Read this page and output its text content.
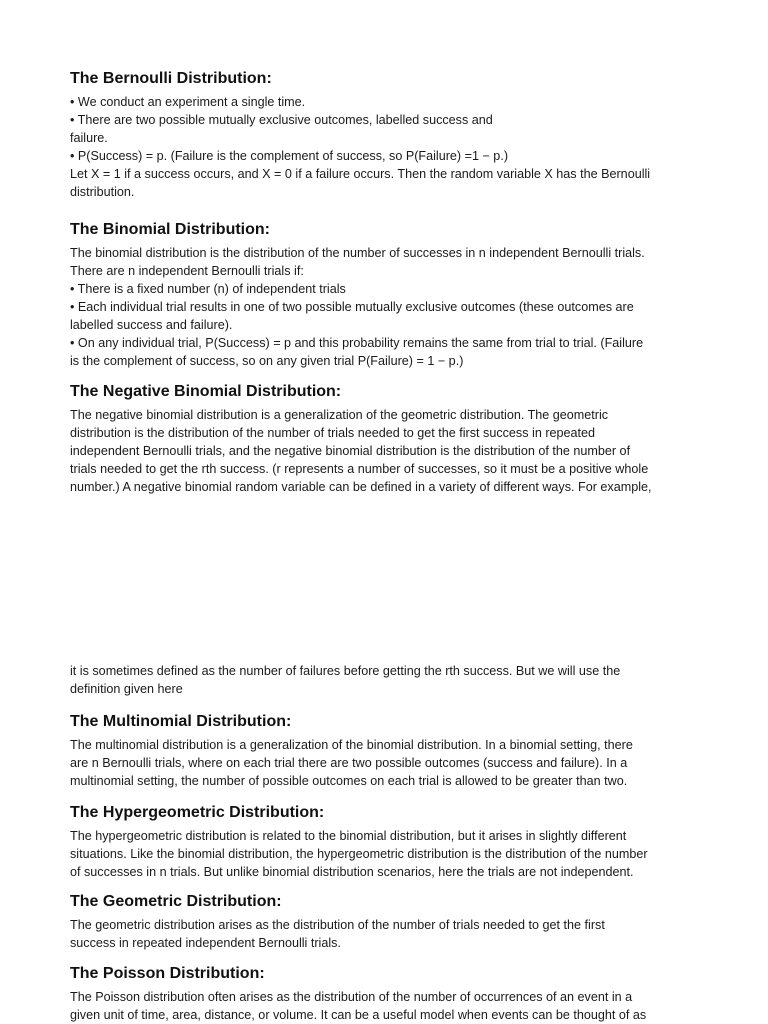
The Bernoulli Distribution:
• We conduct an experiment a single time.
• There are two possible mutually exclusive outcomes, labelled success and
failure.
• P(Success) = p. (Failure is the complement of success, so P(Failure) =1 − p.)
Let X = 1 if a success occurs, and X = 0 if a failure occurs. Then the random variable X has the Bernoulli
distribution.
The Binomial Distribution:
The binomial distribution is the distribution of the number of successes in n independent Bernoulli trials.
There are n independent Bernoulli trials if:
• There is a fixed number (n) of independent trials
• Each individual trial results in one of two possible mutually exclusive outcomes (these outcomes are
labelled success and failure).
• On any individual trial, P(Success) = p and this probability remains the same from trial to trial. (Failure
is the complement of success, so on any given trial P(Failure) = 1 − p.)
The Negative Binomial Distribution:
The negative binomial distribution is a generalization of the geometric distribution. The geometric
distribution is the distribution of the number of trials needed to get the first success in repeated
independent Bernoulli trials, and the negative binomial distribution is the distribution of the number of
trials needed to get the rth success. (r represents a number of successes, so it must be a positive whole
number.) A negative binomial random variable can be defined in a variety of different ways. For example,
it is sometimes defined as the number of failures before getting the rth success. But we will use the
definition given here
The Multinomial Distribution:
The multinomial distribution is a generalization of the binomial distribution. In a binomial setting, there
are n Bernoulli trials, where on each trial there are two possible outcomes (success and failure). In a
multinomial setting, the number of possible outcomes on each trial is allowed to be greater than two.
The Hypergeometric Distribution:
The hypergeometric distribution is related to the binomial distribution, but it arises in slightly different
situations. Like the binomial distribution, the hypergeometric distribution is the distribution of the number
of successes in n trials. But unlike binomial distribution scenarios, here the trials are not independent.
The Geometric Distribution:
The geometric distribution arises as the distribution of the number of trials needed to get the first
success in repeated independent Bernoulli trials.
The Poisson Distribution:
The Poisson distribution often arises as the distribution of the number of occurrences of an event in a
given unit of time, area, distance, or volume. It can be a useful model when events can be thought of as
